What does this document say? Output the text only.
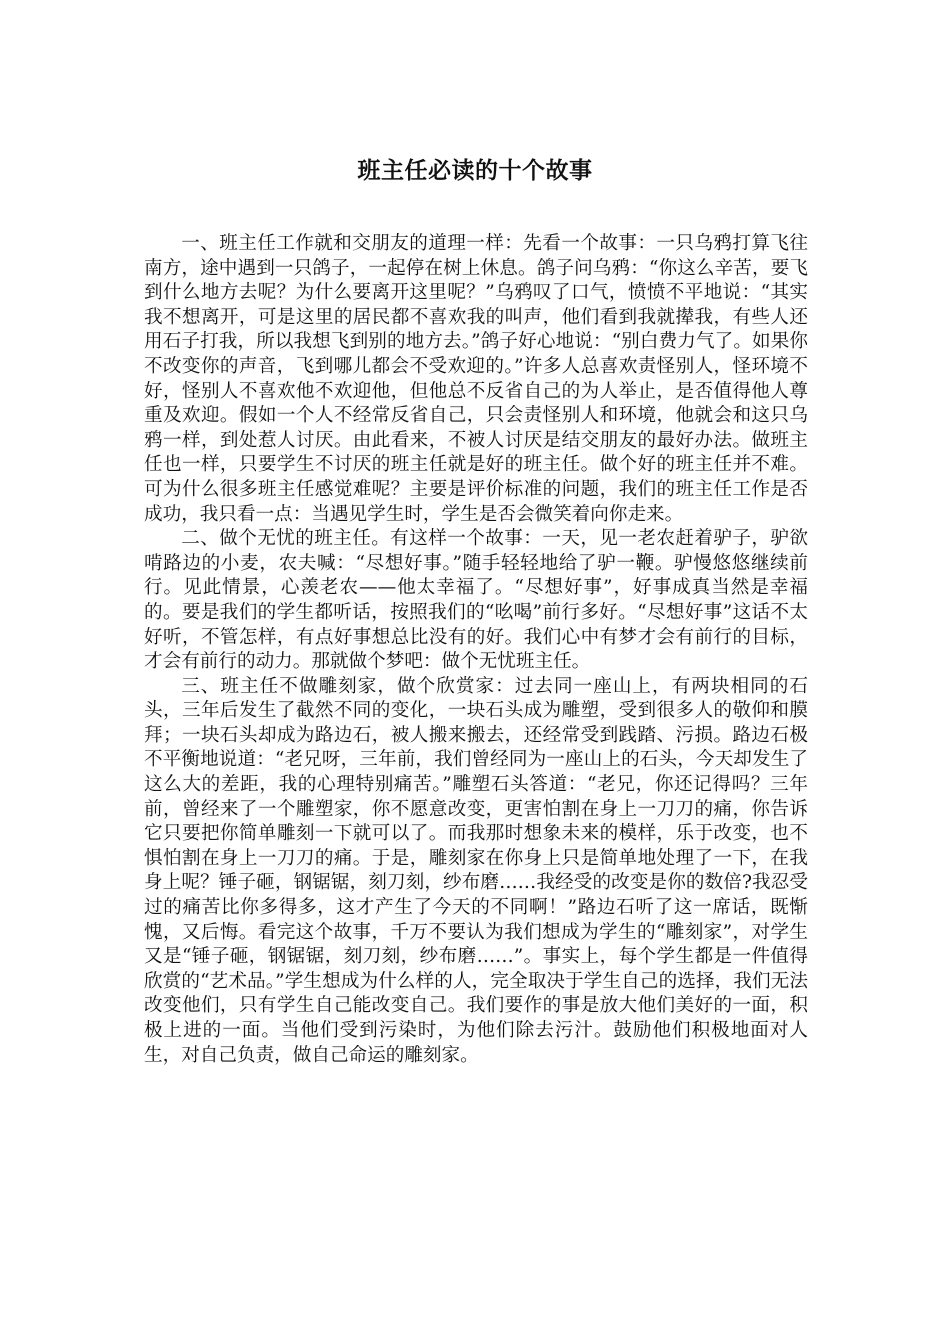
班主任必读的十个故事

一、班主任工作就和交朋友的道理一样：先看一个故事：一只乌鸦打算飞往南方，途中遇到一只鸽子，一起停在树上休息。鸽子问乌鸦：“你这么辛苦，要飞到什么地方去呢？为什么要离开这里呢？”乌鸦叹了口气，愤愤不平地说：“其实我不想离开，可是这里的居民都不喜欢我的叫声，他们看到我就撵我，有些人还用石子打我，所以我想飞到别的地方去。”鸽子好心地说：“别白费力气了。如果你不改变你的声音，飞到哪儿都会不受欢迎的。”许多人总喜欢责怪别人，怪环境不好，怪别人不喜欢他不欢迎他，但他总不反省自己的为人举止，是否值得他人尊重及欢迎。假如一个人不经常反省自己，只会责怪别人和环境，他就会和这只乌鸦一样，到处惹人讨厌。由此看来，不被人讨厌是结交朋友的最好办法。做班主任也一样，只要学生不讨厌的班主任就是好的班主任。做个好的班主任并不难。可为什么很多班主任感觉难呢？主要是评价标准的问题，我们的班主任工作是否成功，我只看一点：当遇见学生时，学生是否会微笑着向你走来。

二、做个无忧的班主任。有这样一个故事：一天，见一老农赶着驴子，驴欲啃路边的小麦，农夫喊：“尽想好事。”随手轻轻地给了驴一鞭。驴慢悠悠继续前行。见此情景，心羡老农——他太幸福了。“尽想好事”，好事成真当然是幸福的。要是我们的学生都听话，按照我们的“吆喝”前行多好。“尽想好事”这话不太好听，不管怎样，有点好事想总比没有的好。我们心中有梦才会有前行的目标，才会有前行的动力。那就做个梦吧：做个无忧班主任。

三、班主任不做雕刻家，做个欣赏家：过去同一座山上，有两块相同的石头，三年后发生了截然不同的变化，一块石头成为雕塑，受到很多人的敬仰和膜拜；一块石头却成为路边石，被人搬来搬去，还经常受到践踏、污损。路边石极不平衡地说道：“老兄呀，三年前，我们曾经同为一座山上的石头，今天却发生了这么大的差距，我的心理特别痛苦。”雕塑石头答道：“老兄，你还记得吗？三年前，曾经来了一个雕塑家，你不愿意改变，更害怕割在身上一刀刀的痛，你告诉它只要把你简单雕刻一下就可以了。而我那时想象未来的模样，乐于改变，也不惧怕割在身上一刀刀的痛。于是，雕刻家在你身上只是简单地处理了一下，在我身上呢？锤子砸，钢锯锯，刻刀刻，纱布磨……我经受的改变是你的数倍?我忍受过的痛苦比你多得多，这才产生了今天的不同啊！”路边石听了这一席话，既惭愧，又后悔。看完这个故事，千万不要认为我们想成为学生的“雕刻家”，对学生又是“锤子砸，钢锯锯，刻刀刻，纱布磨……”。事实上，每个学生都是一件值得欣赏的“艺术品。”学生想成为什么样的人，完全取决于学生自己的选择，我们无法改变他们，只有学生自己能改变自己。我们要作的事是放大他们美好的一面，积极上进的一面。当他们受到污染时，为他们除去污汁。鼓励他们积极地面对人生，对自己负责，做自己命运的雕刻家。
